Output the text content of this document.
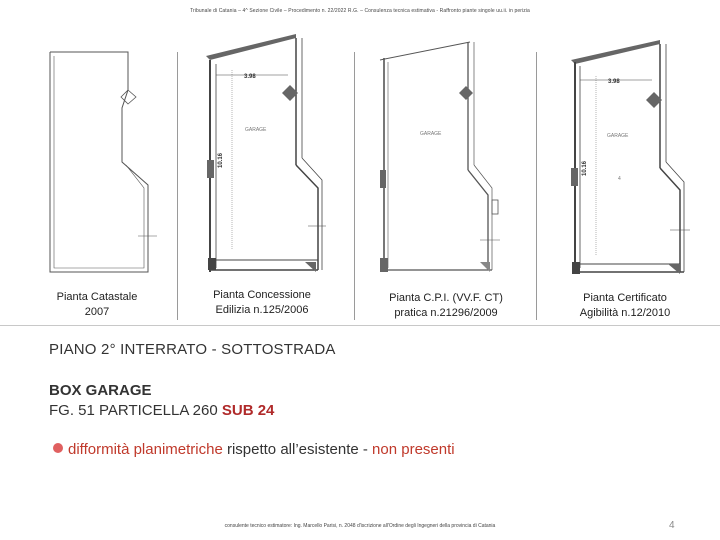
Tribunale di Catania – 4^ Sezione Civile – Procedimento n. 22/2022 R.G. – Consulenza tecnica estimativa - Raffronto piante singole uu.ii. in perizia
3.98
GARAGE
10.16
GARAGE
3.98
GARAGE
10.16
4
Pianta Catastale
2007
Pianta Concessione
Edilizia n.125/2006
Pianta C.P.I. (VV.F. CT)
pratica n.21296/2009
Pianta Certificato
Agibilità n.12/2010
PIANO 2° INTERRATO - SOTTOSTRADA
BOX GARAGE
FG. 51 PARTICELLA 260 SUB 24
difformità planimetriche rispetto all’esistente - non presenti
consulente tecnico estimatore: Ing. Marcello Parisi, n. 2048 d'iscrizione all'Ordine degli Ingegneri della provincia di Catania	4
